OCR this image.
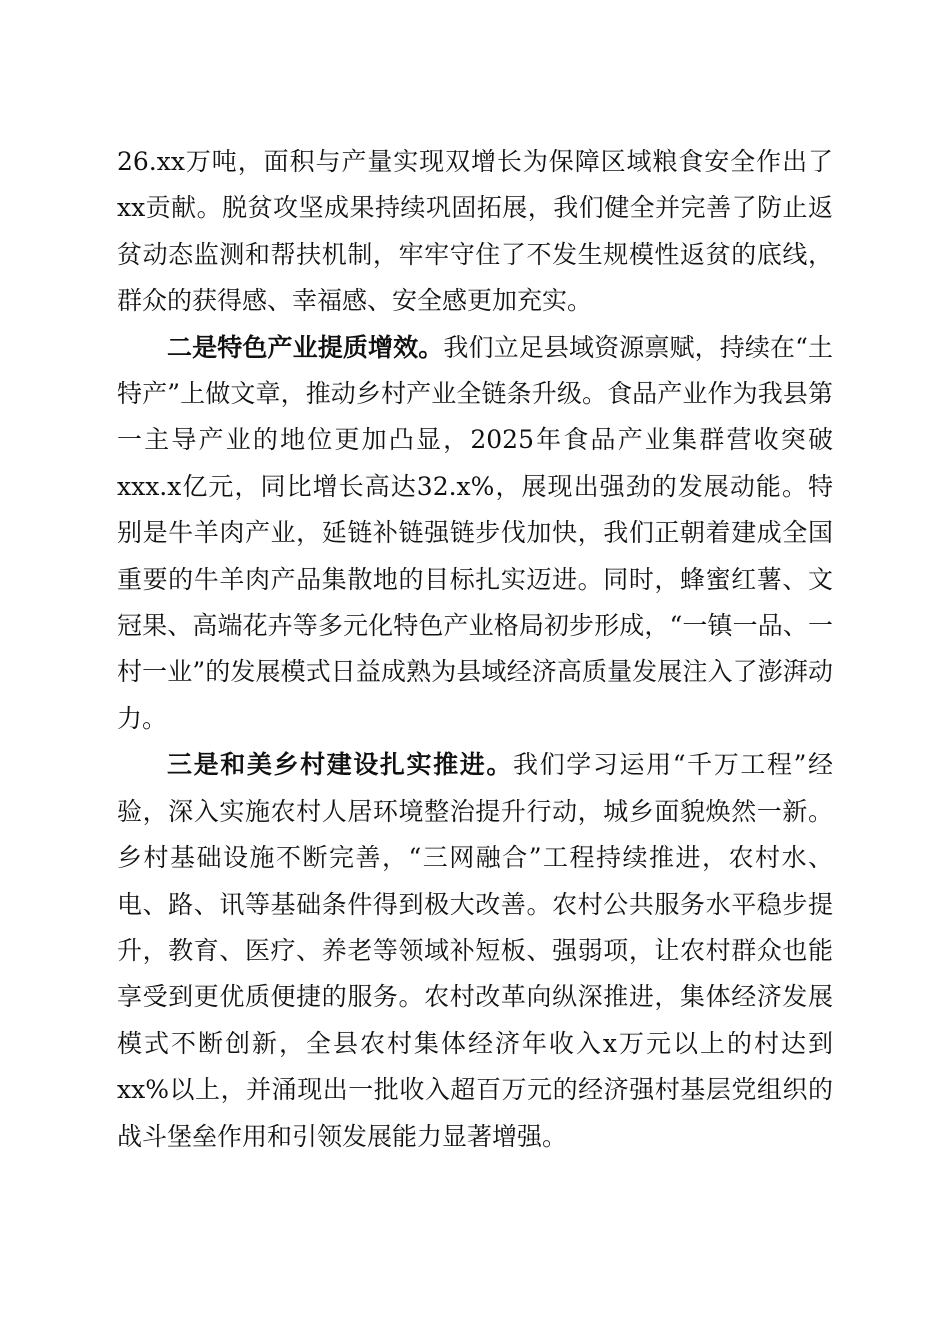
26.xx万吨，面积与产量实现双增长为保障区域粮食安全作出了xx贡献。脱贫攻坚成果持续巩固拓展，我们健全并完善了防止返贫动态监测和帮扶机制，牢牢守住了不发生规模性返贫的底线，群众的获得感、幸福感、安全感更加充实。

二是特色产业提质增效。我们立足县域资源禀赋，持续在“土特产”上做文章，推动乡村产业全链条升级。食品产业作为我县第一主导产业的地位更加凸显，2025年食品产业集群营收突破xxx.x亿元，同比增长高达32.x%，展现出强劲的发展动能。特别是牛羊肉产业，延链补链强链步伐加快，我们正朝着建成全国重要的牛羊肉产品集散地的目标扎实迈进。同时，蜂蜜红薯、文冠果、高端花卉等多元化特色产业格局初步形成，“一镇一品、一村一业”的发展模式日益成熟为县域经济高质量发展注入了澎湃动力。

三是和美乡村建设扎实推进。我们学习运用“千万工程”经验，深入实施农村人居环境整治提升行动，城乡面貌焕然一新。乡村基础设施不断完善，“三网融合”工程持续推进，农村水、电、路、讯等基础条件得到极大改善。农村公共服务水平稳步提升，教育、医疗、养老等领域补短板、强弱项，让农村群众也能享受到更优质便捷的服务。农村改革向纵深推进，集体经济发展模式不断创新，全县农村集体经济年收入x万元以上的村达到xx%以上，并涌现出一批收入超百万元的经济强村基层党组织的战斗堡垒作用和引领发展能力显著增强。
